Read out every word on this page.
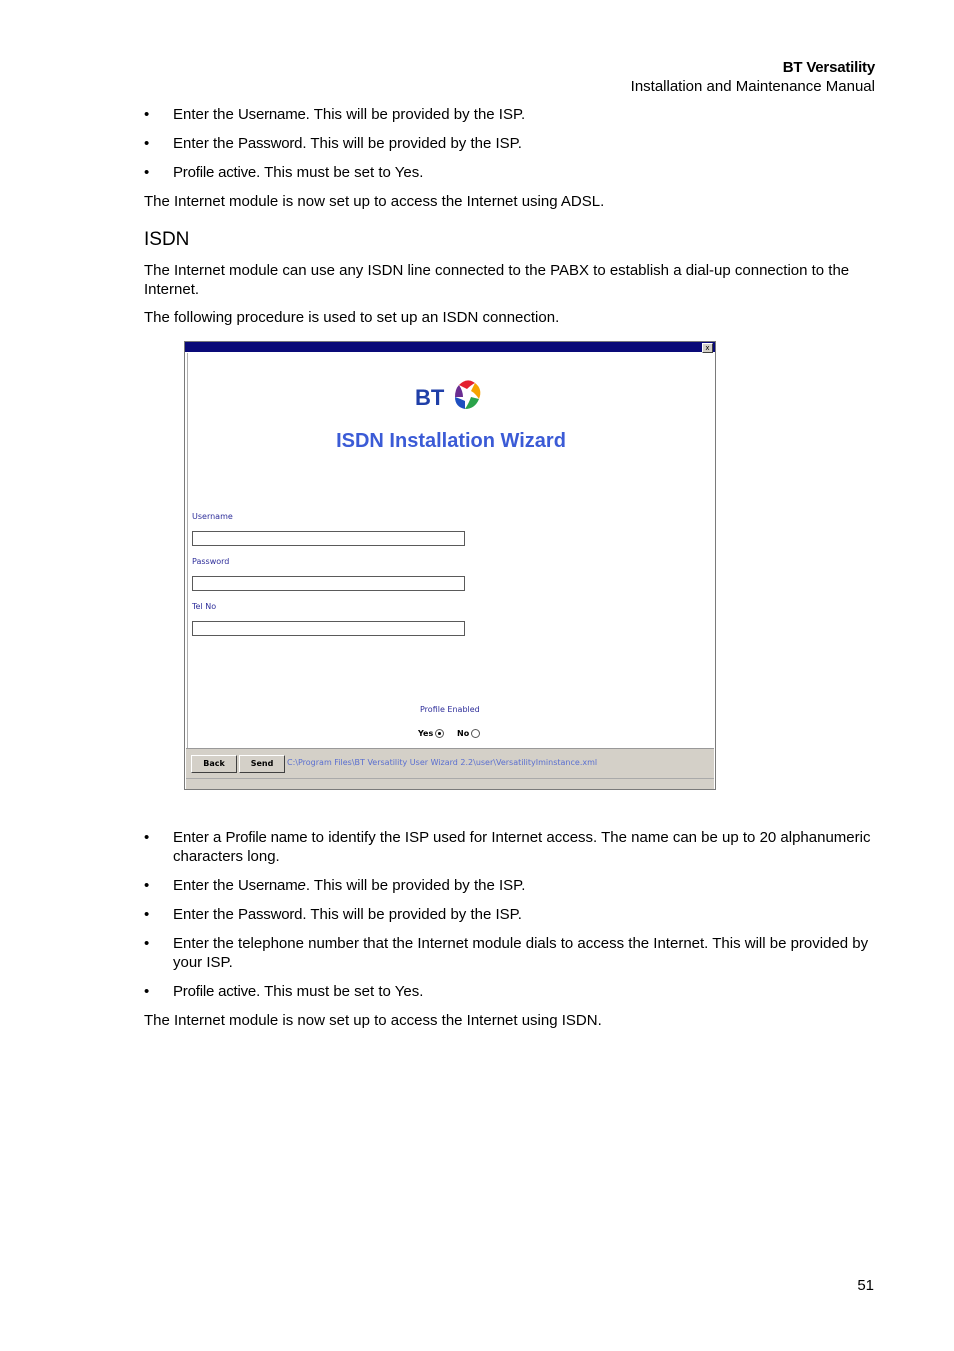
BT Versatility
Installation and Maintenance Manual
• Enter the Username. This will be provided by the ISP.
• Enter the Password. This will be provided by the ISP.
• Profile active. This must be set to Yes.

The Internet module is now set up to access the Internet using ADSL.

ISDN

The Internet module can use any ISDN line connected to the PABX to establish a dial-up connection to the Internet.

The following procedure is used to set up an ISDN connection.

x
BT
ISDN Installation Wizard
Username
Password
Tel No
Profile Enabled
Yes	No
Back	Send	C:\Program Files\BT Versatility User Wizard 2.2\user\VersatilityIminstance.xml
• Enter a Profile name to identify the ISP used for Internet access. The name can be up to 20 alphanumeric characters long.
• Enter the Username. This will be provided by the ISP.
• Enter the Password. This will be provided by the ISP.
• Enter the telephone number that the Internet module dials to access the Internet. This will be provided by your ISP.
• Profile active. This must be set to Yes.

The Internet module is now set up to access the Internet using ISDN.

51
